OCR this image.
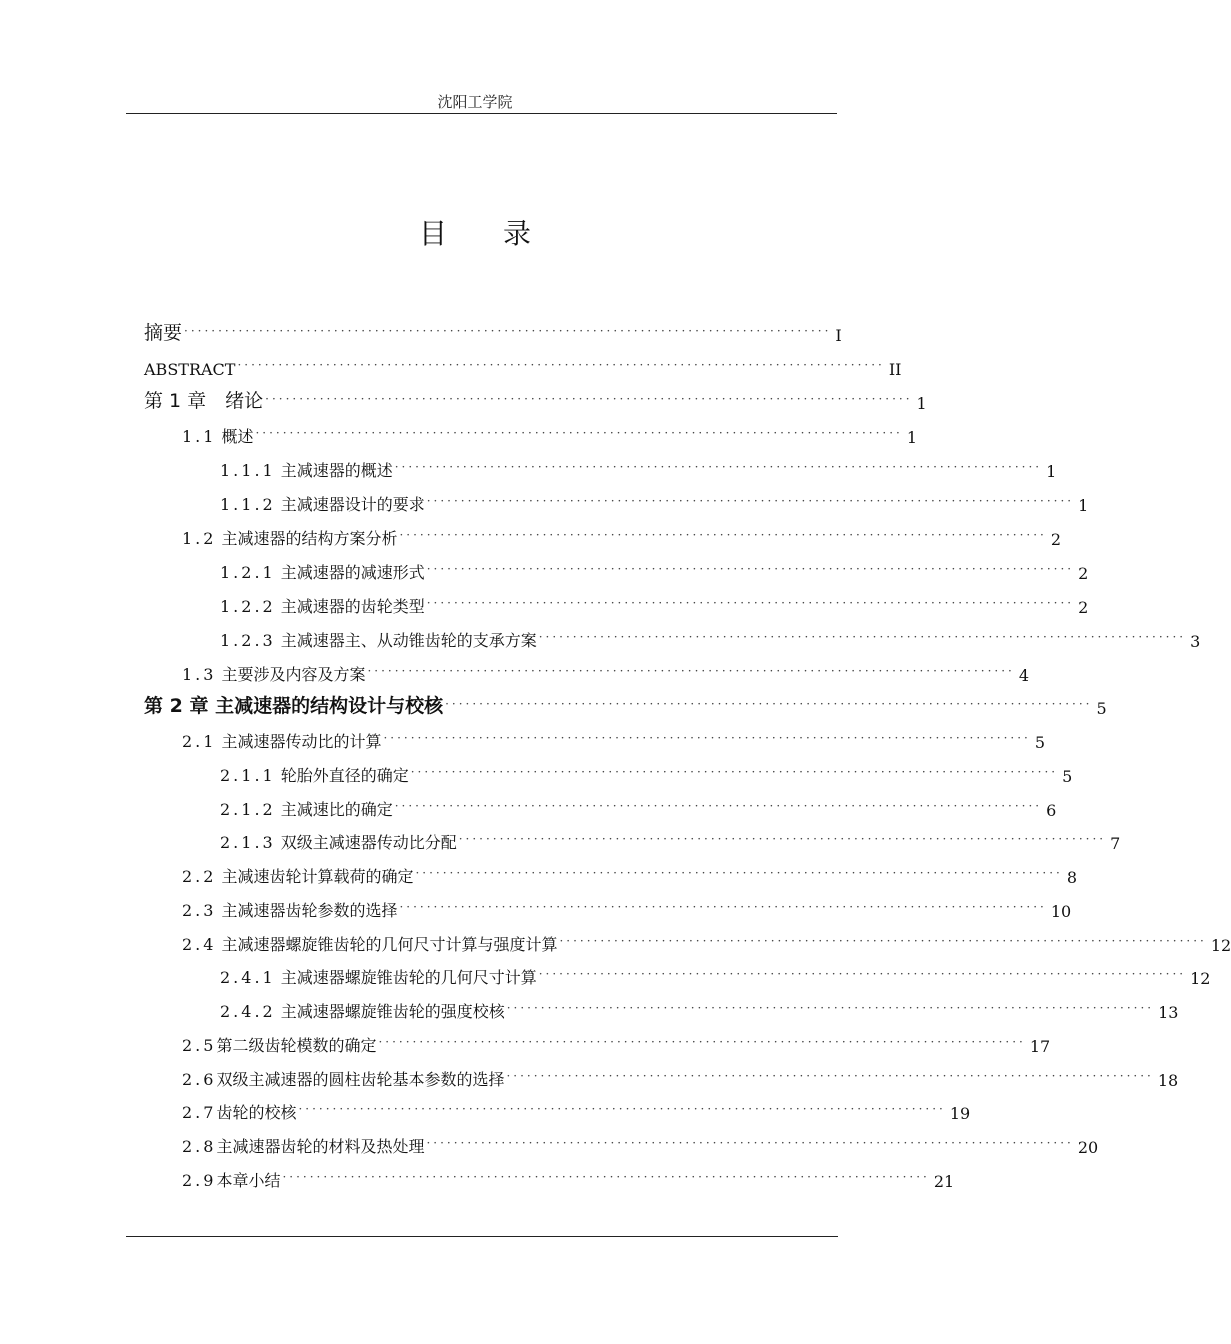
沈阳工学院
目录
摘要 ······························································································· I
ABSTRACT ······························································································· II
第 1 章　绪论 ······························································································· 1
1.1 概述 ······························································································· 1
1.1.1 主减速器的概述 ······························································································· 1
1.1.2 主减速器设计的要求 ······························································································· 1
1.2 主减速器的结构方案分析 ······························································································· 2
1.2.1 主减速器的减速形式 ······························································································· 2
1.2.2 主减速器的齿轮类型 ······························································································· 2
1.2.3 主减速器主、从动锥齿轮的支承方案 ······························································································· 3
1.3 主要涉及内容及方案 ······························································································· 4
第 2 章 主减速器的结构设计与校核 ······························································································· 5
2.1 主减速器传动比的计算 ······························································································· 5
2.1.1 轮胎外直径的确定 ······························································································· 5
2.1.2 主减速比的确定 ······························································································· 6
2.1.3 双级主减速器传动比分配 ······························································································· 7
2.2 主减速齿轮计算载荷的确定 ······························································································· 8
2.3 主减速器齿轮参数的选择 ······························································································· 10
2.4 主减速器螺旋锥齿轮的几何尺寸计算与强度计算 ······························································································· 12
2.4.1 主减速器螺旋锥齿轮的几何尺寸计算 ······························································································· 12
2.4.2 主减速器螺旋锥齿轮的强度校核 ······························································································· 13
2.5第二级齿轮模数的确定 ······························································································· 17
2.6双级主减速器的圆柱齿轮基本参数的选择 ······························································································· 18
2.7齿轮的校核 ······························································································· 19
2.8主减速器齿轮的材料及热处理 ······························································································· 20
2.9本章小结 ······························································································· 21
